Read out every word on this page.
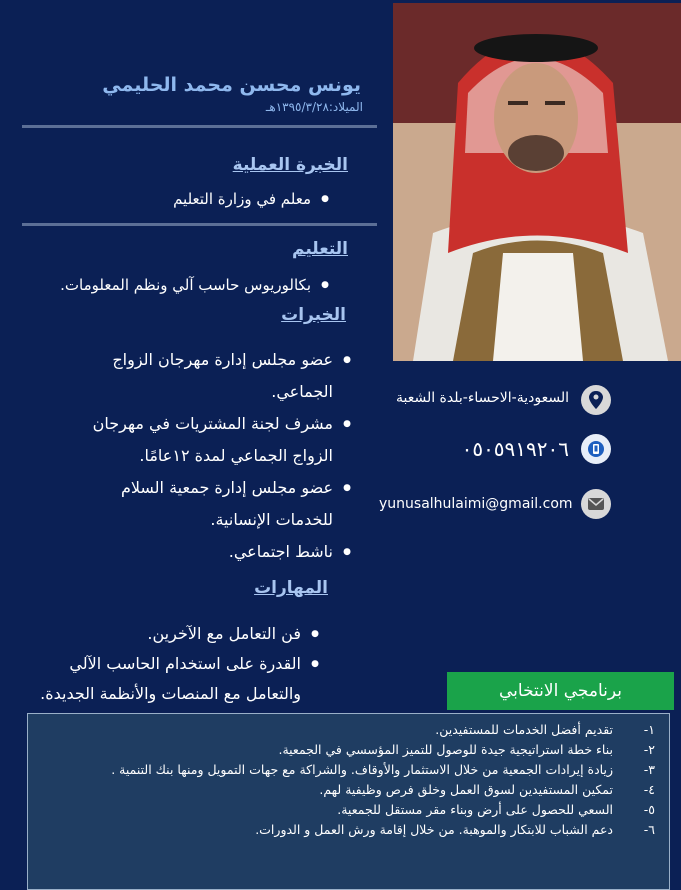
يونس محسن محمد الحليمي
الميلاد:١٣٩٥/٣/٢٨هـ
الخبرة العملية
● معلم في وزارة التعليم
التعليم
● بكالوريوس حاسب آلي ونظم المعلومات.
الخبرات
● عضو مجلس إدارة مهرجان الزواج الجماعي.
● مشرف لجنة المشتريات في مهرجان الزواج الجماعي لمدة ١٢عامًا.
● عضو مجلس إدارة جمعية السلام للخدمات الإنسانية.
● ناشط اجتماعي.
المهارات
● فن التعامل مع الآخرين.
● القدرة على استخدام الحاسب الآلي والتعامل مع المنصات والأنظمة الجديدة.
السعودية-الاحساء-بلدة الشعبة
٠٥٠٥٩١٩٢٠٦
yunusalhulaimi@gmail.com
برنامجي الانتخابي
١-
تقديم أفضل الخدمات للمستفيدين.
٢-
بناء خطة استراتيجية جيدة للوصول للتميز المؤسسي في الجمعية.
٣-
زيادة إيرادات الجمعية من خلال الاستثمار والأوقاف. والشراكة مع جهات التمويل ومنها بنك التنمية .
٤-
تمكين المستفيدين لسوق العمل وخلق فرص وظيفية لهم.
٥-
السعي للحصول على أرض وبناء مقر مستقل للجمعية.
٦-
دعم الشباب للابتكار والموهبة. من خلال إقامة ورش العمل و الدورات.
